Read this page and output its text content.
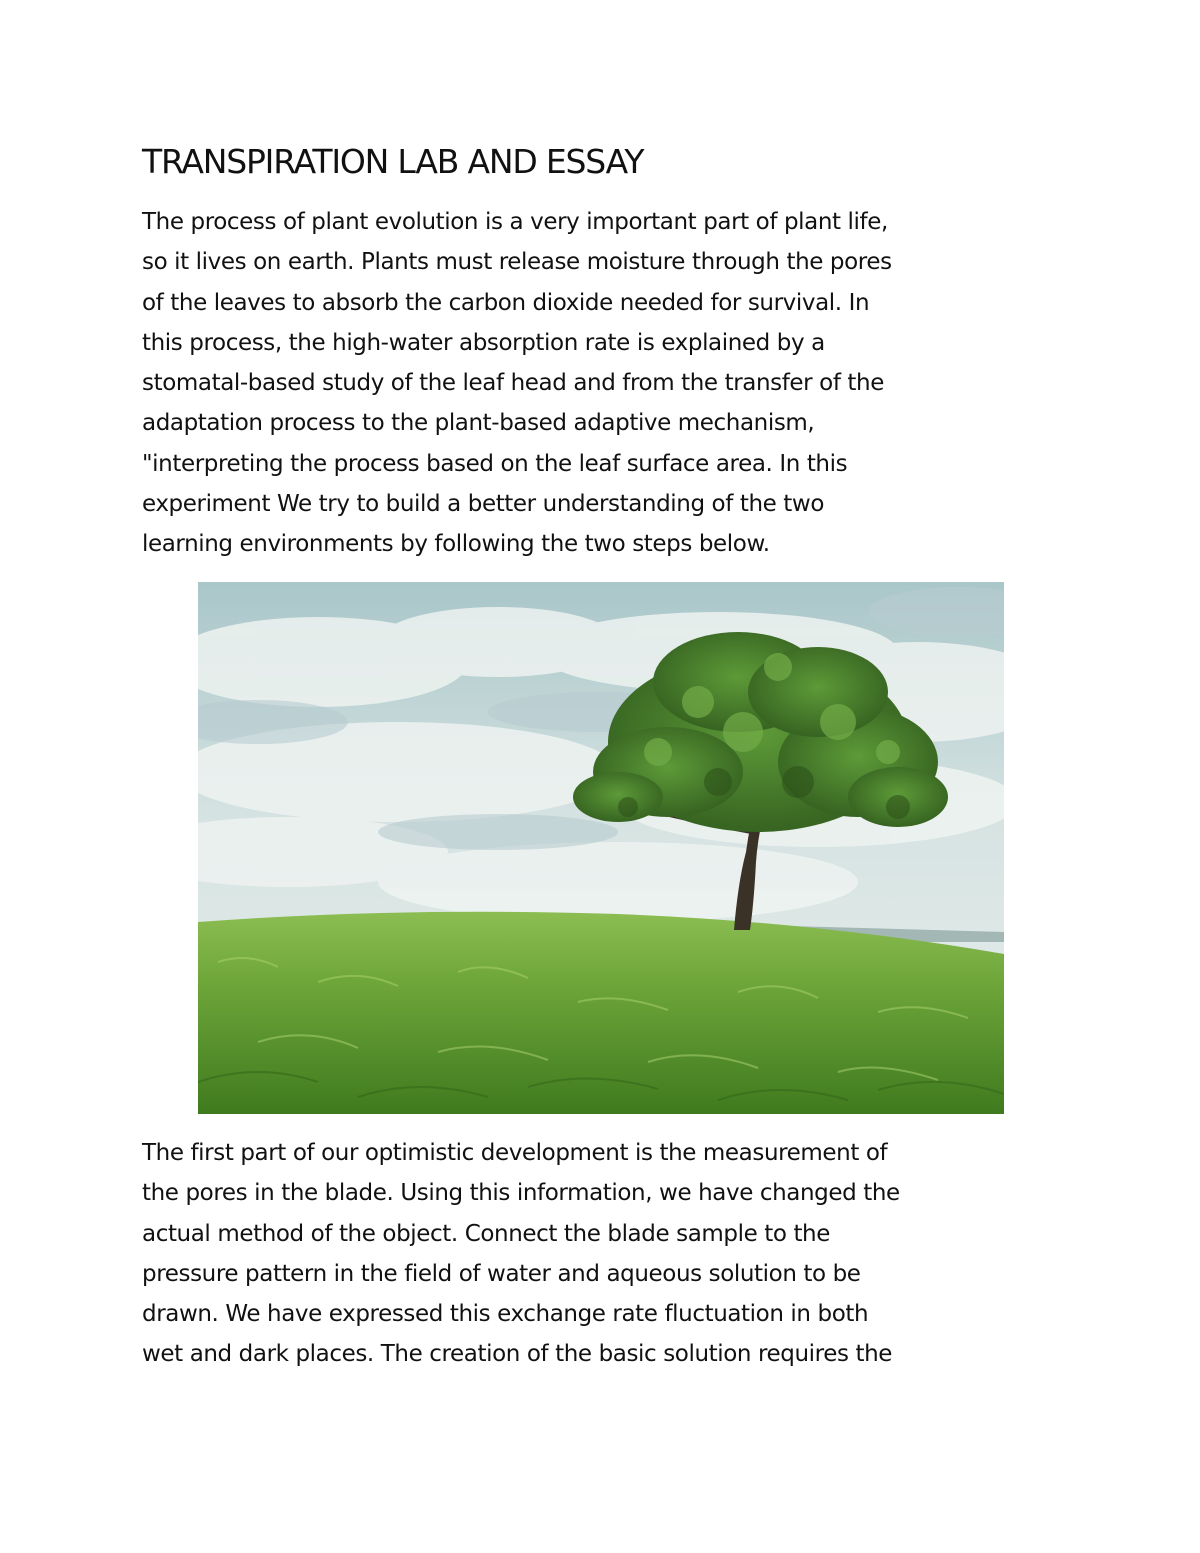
TRANSPIRATION LAB AND ESSAY

The process of plant evolution is a very important part of plant life,
so it lives on earth. Plants must release moisture through the pores
of the leaves to absorb the carbon dioxide needed for survival. In
this process, the high-water absorption rate is explained by a
stomatal-based study of the leaf head and from the transfer of the
adaptation process to the plant-based adaptive mechanism,
"interpreting the process based on the leaf surface area. In this
experiment We try to build a better understanding of the two
learning environments by following the two steps below.

The first part of our optimistic development is the measurement of
the pores in the blade. Using this information, we have changed the
actual method of the object. Connect the blade sample to the
pressure pattern in the field of water and aqueous solution to be
drawn. We have expressed this exchange rate fluctuation in both
wet and dark places. The creation of the basic solution requires the
